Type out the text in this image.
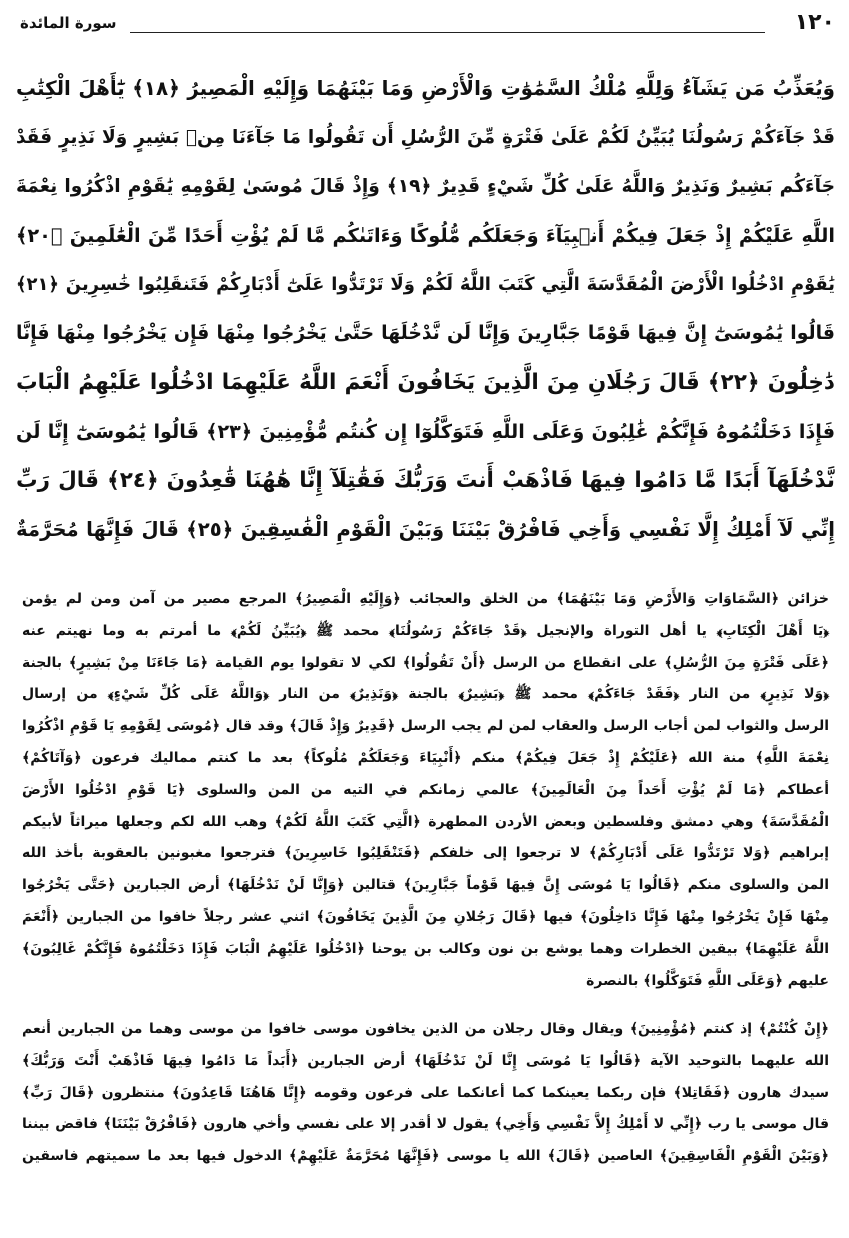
١٢٠
سورة المائدة
وَيُعَذِّبُ مَن يَشَآءُ وَلِلَّهِ مُلْكُ السَّمَٰوَٰتِ وَالْأَرْضِ وَمَا بَيْنَهُمَا وَإِلَيْهِ الْمَصِيرُ ﴿١٨﴾ يَٰٓأَهْلَ الْكِتَٰبِ
قَدْ جَآءَكُمْ رَسُولُنَا يُبَيِّنُ لَكُمْ عَلَىٰ فَتْرَةٍ مِّنَ الرُّسُلِ أَن تَقُولُوا مَا جَآءَنَا مِنۢ بَشِيرٍ وَلَا نَذِيرٍ فَقَدْ
جَآءَكُم بَشِيرٌ وَنَذِيرٌ وَاللَّهُ عَلَىٰ كُلِّ شَيْءٍ قَدِيرٌ ﴿١٩﴾ وَإِذْ قَالَ مُوسَىٰ لِقَوْمِهِ يَٰقَوْمِ اذْكُرُوا نِعْمَةَ
اللَّهِ عَلَيْكُمْ إِذْ جَعَلَ فِيكُمْ أَنۢبِيَآءَ وَجَعَلَكُم مُّلُوكًا وَءَاتَىٰكُم مَّا لَمْ يُؤْتِ أَحَدًا مِّنَ الْعَٰلَمِينَ ﴿٢٠﴾
يَٰقَوْمِ ادْخُلُوا الْأَرْضَ الْمُقَدَّسَةَ الَّتِي كَتَبَ اللَّهُ لَكُمْ وَلَا تَرْتَدُّوا عَلَىٰٓ أَدْبَارِكُمْ فَتَنقَلِبُوا خَٰسِرِينَ ﴿٢١﴾
قَالُوا يَٰمُوسَىٰٓ إِنَّ فِيهَا قَوْمًا جَبَّارِينَ وَإِنَّا لَن نَّدْخُلَهَا حَتَّىٰ يَخْرُجُوا مِنْهَا فَإِن يَخْرُجُوا مِنْهَا فَإِنَّا
دَٰخِلُونَ ﴿٢٢﴾ قَالَ رَجُلَانِ مِنَ الَّذِينَ يَخَافُونَ أَنْعَمَ اللَّهُ عَلَيْهِمَا ادْخُلُوا عَلَيْهِمُ الْبَابَ
فَإِذَا دَخَلْتُمُوهُ فَإِنَّكُمْ غَٰلِبُونَ وَعَلَى اللَّهِ فَتَوَكَّلُوٓا إِن كُنتُم مُّؤْمِنِينَ ﴿٢٣﴾ قَالُوا يَٰمُوسَىٰٓ إِنَّا لَن
نَّدْخُلَهَآ أَبَدًا مَّا دَامُوا فِيهَا فَاذْهَبْ أَنتَ وَرَبُّكَ فَقَٰتِلَآ إِنَّا هَٰهُنَا قَٰعِدُونَ ﴿٢٤﴾ قَالَ رَبِّ
إِنِّي لَآ أَمْلِكُ إِلَّا نَفْسِي وَأَخِي فَافْرُقْ بَيْنَنَا وَبَيْنَ الْقَوْمِ الْفَٰسِقِينَ ﴿٢٥﴾ قَالَ فَإِنَّهَا مُحَرَّمَةٌ
خزائن ﴿السَّمَاوَاتِ وَالأَرْضِ وَمَا بَيْنَهُمَا﴾ من الخلق والعجائب ﴿وَإِلَيْهِ الْمَصِيرُ﴾ المرجع مصير من آمن ومن لم يؤمن
﴿يَا أَهْلَ الْكِتَابِ﴾ يا أهل التوراة والإنجيل ﴿قَدْ جَاءَكُمْ رَسُولُنَا﴾ محمد ﷺ ﴿يُبَيِّنُ لَكُمْ﴾ ما أمرتم به وما نهيتم عنه
﴿عَلَى فَتْرَةٍ مِنَ الرُّسُلِ﴾ على انقطاع من الرسل ﴿أَنْ تَقُولُوا﴾ لكي لا تقولوا يوم القيامة ﴿مَا جَاءَنَا مِنْ بَشِيرٍ﴾ بالجنة
﴿وَلا نَذِيرٍ﴾ من النار ﴿فَقَدْ جَاءَكُمْ﴾ محمد ﷺ ﴿بَشِيرٌ﴾ بالجنة ﴿وَنَذِيرٌ﴾ من النار ﴿وَاللَّهُ عَلَى كُلِّ شَيْءٍ﴾ من إرسال
الرسل والثواب لمن أجاب الرسل والعقاب لمن لم يجب الرسل ﴿قَدِيرٌ وَإِذْ قَالَ﴾ وقد قال ﴿مُوسَى لِقَوْمِهِ يَا قَوْمِ اذْكُرُوا
نِعْمَةَ اللَّهِ﴾ منة الله ﴿عَلَيْكُمْ إِذْ جَعَلَ فِيكُمْ﴾ منكم ﴿أَنْبِيَاءَ وَجَعَلَكُمْ مُلُوكاً﴾ بعد ما كنتم مماليك فرعون ﴿وَآتَاكُمْ﴾
أعطاكم ﴿مَا لَمْ يُؤْتِ أَحَداً مِنَ الْعَالَمِينَ﴾ عالمي زمانكم في التيه من المن والسلوى ﴿يَا قَوْمِ ادْخُلُوا الأَرْضَ
الْمُقَدَّسَةَ﴾ وهي دمشق وفلسطين وبعض الأردن المطهرة ﴿الَّتِي كَتَبَ اللَّهُ لَكُمْ﴾ وهب الله لكم وجعلها ميراثاً لأبيكم
إبراهيم ﴿وَلا تَرْتَدُّوا عَلَى أَدْبَارِكُمْ﴾ لا ترجعوا إلى خلفكم ﴿فَتَنْقَلِبُوا خَاسِرِينَ﴾ فترجعوا مغبونين بالعقوبة بأخذ الله
المن والسلوى منكم ﴿قَالُوا يَا مُوسَى إِنَّ فِيهَا قَوْماً جَبَّارِينَ﴾ قتالين ﴿وَإِنَّا لَنْ نَدْخُلَهَا﴾ أرض الجبارين ﴿حَتَّى يَخْرُجُوا
مِنْهَا فَإِنْ يَخْرُجُوا مِنْهَا فَإِنَّا دَاخِلُونَ﴾ فيها ﴿قَالَ رَجُلانِ مِنَ الَّذِينَ يَخَافُونَ﴾ اثني عشر رجلاً خافوا من الجبارين ﴿أَنْعَمَ
اللَّهُ عَلَيْهِمَا﴾ بيقين الخطرات وهما يوشع بن نون وكالب بن يوحنا ﴿ادْخُلُوا عَلَيْهِمُ الْبَابَ فَإِذَا دَخَلْتُمُوهُ فَإِنَّكُمْ غَالِبُونَ﴾
عليهم ﴿وَعَلَى اللَّهِ فَتَوَكَّلُوا﴾ بالنصرة
﴿إِنْ كُنْتُمْ﴾ إذ كنتم ﴿مُؤْمِنِينَ﴾ ويقال وقال رجلان من الذين يخافون موسى خافوا من موسى وهما من الجبارين أنعم
الله عليهما بالتوحيد الآية ﴿قَالُوا يَا مُوسَى إِنَّا لَنْ نَدْخُلَهَا﴾ أرض الجبارين ﴿أَبَداً مَا دَامُوا فِيهَا فَاذْهَبْ أَنْتَ وَرَبُّكَ﴾
سيدك هارون ﴿فَقَاتِلا﴾ فإن ربكما يعينكما كما أعانكما على فرعون وقومه ﴿إِنَّا هَاهُنَا قَاعِدُونَ﴾ منتظرون ﴿قَالَ رَبِّ﴾
قال موسى يا رب ﴿إِنِّي لا أَمْلِكُ إِلاَّ نَفْسِي وَأَخِي﴾ يقول لا أقدر إلا على نفسي وأخي هارون ﴿فَافْرُقْ بَيْنَنَا﴾ فاقض بيننا
﴿وَبَيْنَ الْقَوْمِ الْفَاسِقِينَ﴾ العاصين ﴿قَالَ﴾ الله يا موسى ﴿فَإِنَّهَا مُحَرَّمَةٌ عَلَيْهِمْ﴾ الدخول فيها بعد ما سميتهم فاسقين
